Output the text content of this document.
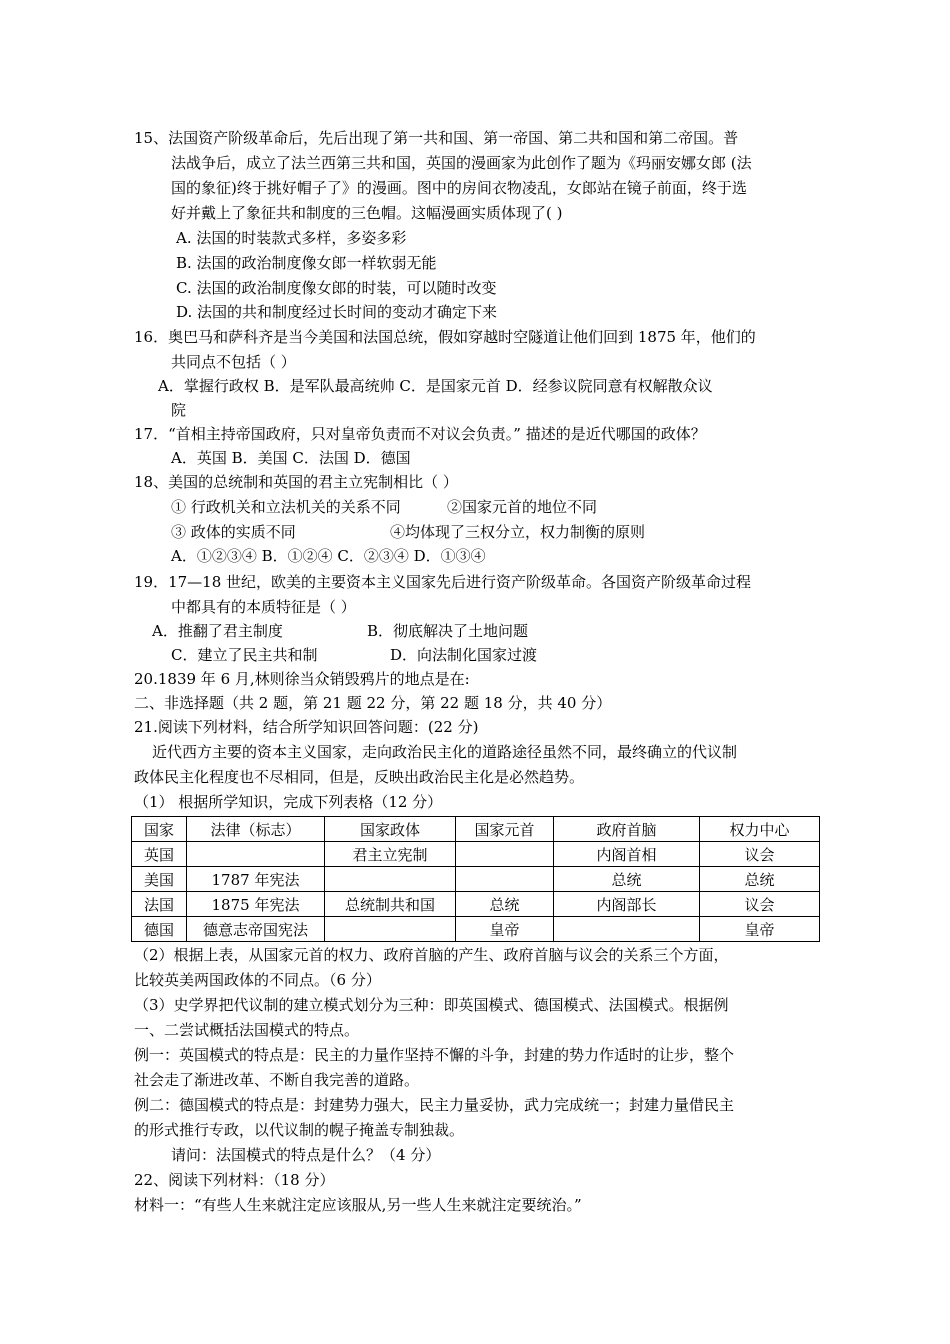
15、法国资产阶级革命后，先后出现了第一共和国、第一帝国、第二共和国和第二帝国。普
法战争后，成立了法兰西第三共和国，英国的漫画家为此创作了题为《玛丽安娜女郎 (法
国的象征)终于挑好帽子了》的漫画。图中的房间衣物凌乱，女郎站在镜子前面，终于选
好并戴上了象征共和制度的三色帽。这幅漫画实质体现了( )
A. 法国的时装款式多样，多姿多彩
B. 法国的政治制度像女郎一样软弱无能
C. 法国的政治制度像女郎的时装，可以随时改变
D. 法国的共和制度经过长时间的变动才确定下来
16．奥巴马和萨科齐是当今美国和法国总统，假如穿越时空隧道让他们回到 1875 年，他们的
共同点不包括（ ）
A．掌握行政权 B．是军队最高统帅 C．是国家元首 D．经参议院同意有权解散众议
院
17．“首相主持帝国政府，只对皇帝负责而不对议会负责。” 描述的是近代哪国的政体？
A．英国 B．美国 C．法国 D．德国
18、美国的总统制和英国的君主立宪制相比（ ）
① 行政机关和立法机关的关系不同	②国家元首的地位不同
③ 政体的实质不同	④均体现了三权分立，权力制衡的原则
A．①②③④ B．①②④ C．②③④ D．①③④
19．17—18 世纪，欧美的主要资本主义国家先后进行资产阶级革命。各国资产阶级革命过程
中都具有的本质特征是（ ）
A．推翻了君主制度	B．彻底解决了土地问题
C．建立了民主共和制	D．向法制化国家过渡
20.1839 年 6 月,林则徐当众销毁鸦片的地点是在:
二、非选择题（共 2 题，第 21 题 22 分，第 22 题 18 分，共 40 分）
21.阅读下列材料，结合所学知识回答问题：(22 分)
近代西方主要的资本主义国家，走向政治民主化的道路途径虽然不同，最终确立的代议制
政体民主化程度也不尽相同，但是，反映出政治民主化是必然趋势。
（1） 根据所学知识，完成下列表格（12 分）
国家	法律（标志）	国家政体	国家元首	政府首脑	权力中心
英国		君主立宪制		内阁首相	议会
美国	1787 年宪法			总统	总统
法国	1875 年宪法	总统制共和国	总统	内阁部长	议会
德国	德意志帝国宪法		皇帝		皇帝
（2）根据上表，从国家元首的权力、政府首脑的产生、政府首脑与议会的关系三个方面，
比较英美两国政体的不同点。（6 分）
（3）史学界把代议制的建立模式划分为三种：即英国模式、德国模式、法国模式。根据例
一、二尝试概括法国模式的特点。
例一：英国模式的特点是：民主的力量作坚持不懈的斗争，封建的势力作适时的让步，整个
社会走了渐进改革、不断自我完善的道路。
例二：德国模式的特点是：封建势力强大，民主力量妥协，武力完成统一；封建力量借民主
的形式推行专政，以代议制的幌子掩盖专制独裁。
请问：法国模式的特点是什么？（4 分）
22、阅读下列材料：（18 分）
材料一：“有些人生来就注定应该服从,另一些人生来就注定要统治。”
